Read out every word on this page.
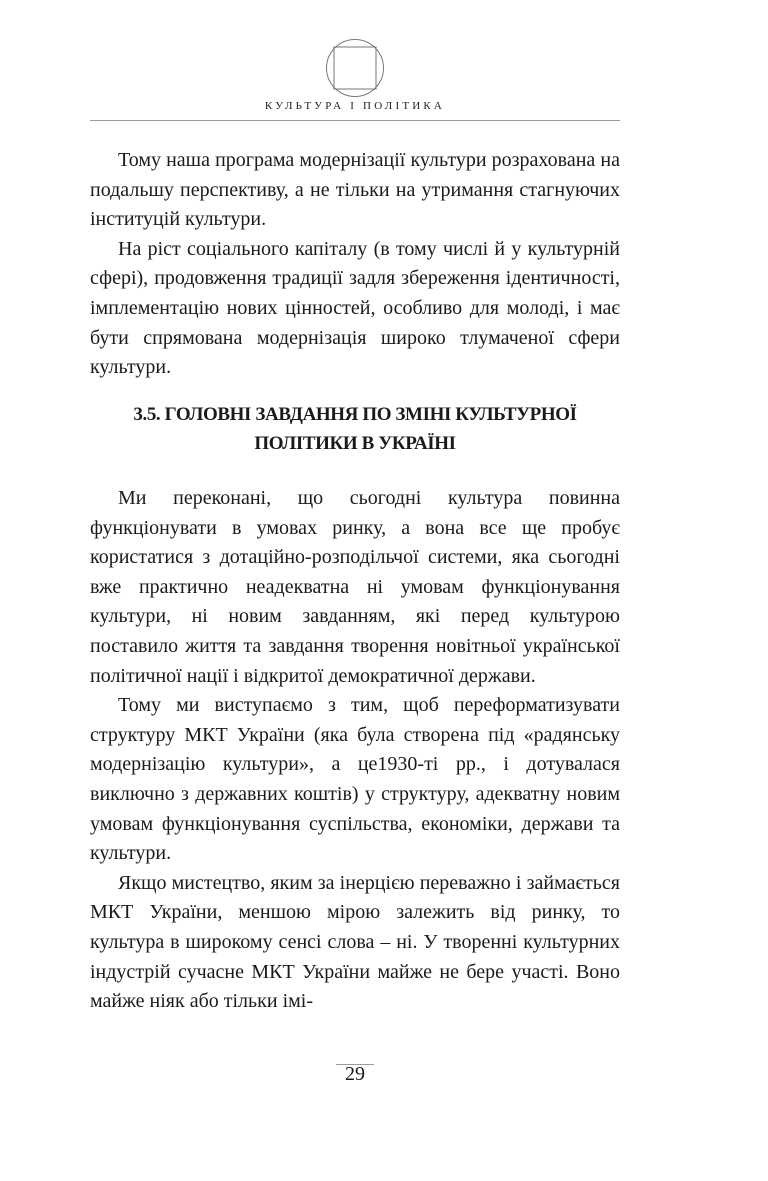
КУЛЬТУРА І ПОЛІТИКА

Тому наша програма модернізації культури розрахована на подальшу перспективу, а не тільки на утримання стагнуючих інституцій культури.

На ріст соціального капіталу (в тому числі й у культурній сфері), продовження традиції задля збереження ідентичності, імплементацію нових цінностей, особливо для молоді, і має бути спрямована модернізація широко тлумаченої сфери культури.

3.5. ГОЛОВНІ ЗАВДАННЯ ПО ЗМІНІ КУЛЬТУРНОЇ ПОЛІТИКИ В УКРАЇНІ

Ми переконані, що сьогодні культура повинна функціонувати в умовах ринку, а вона все ще пробує користатися з дотаційно-розподільчої системи, яка сьогодні вже практично неадекватна ні умовам функціонування культури, ні новим завданням, які перед культурою поставило життя та завдання творення новітньої української політичної нації і відкритої демократичної держави.

Тому ми виступаємо з тим, щоб переформатизувати структуру МКТ України (яка була створена під «радянську модернізацію культури», а це1930-ті рр., і дотувалася виключно з державних коштів) у структуру, адекватну новим умовам функціонування суспільства, економіки, держави та культури.

Якщо мистецтво, яким за інерцією переважно і займається МКТ України, меншою мірою залежить від ринку, то культура в широкому сенсі слова – ні. У творенні культурних індустрій сучасне МКТ України майже не бере участі. Воно майже ніяк або тільки імі-

29
